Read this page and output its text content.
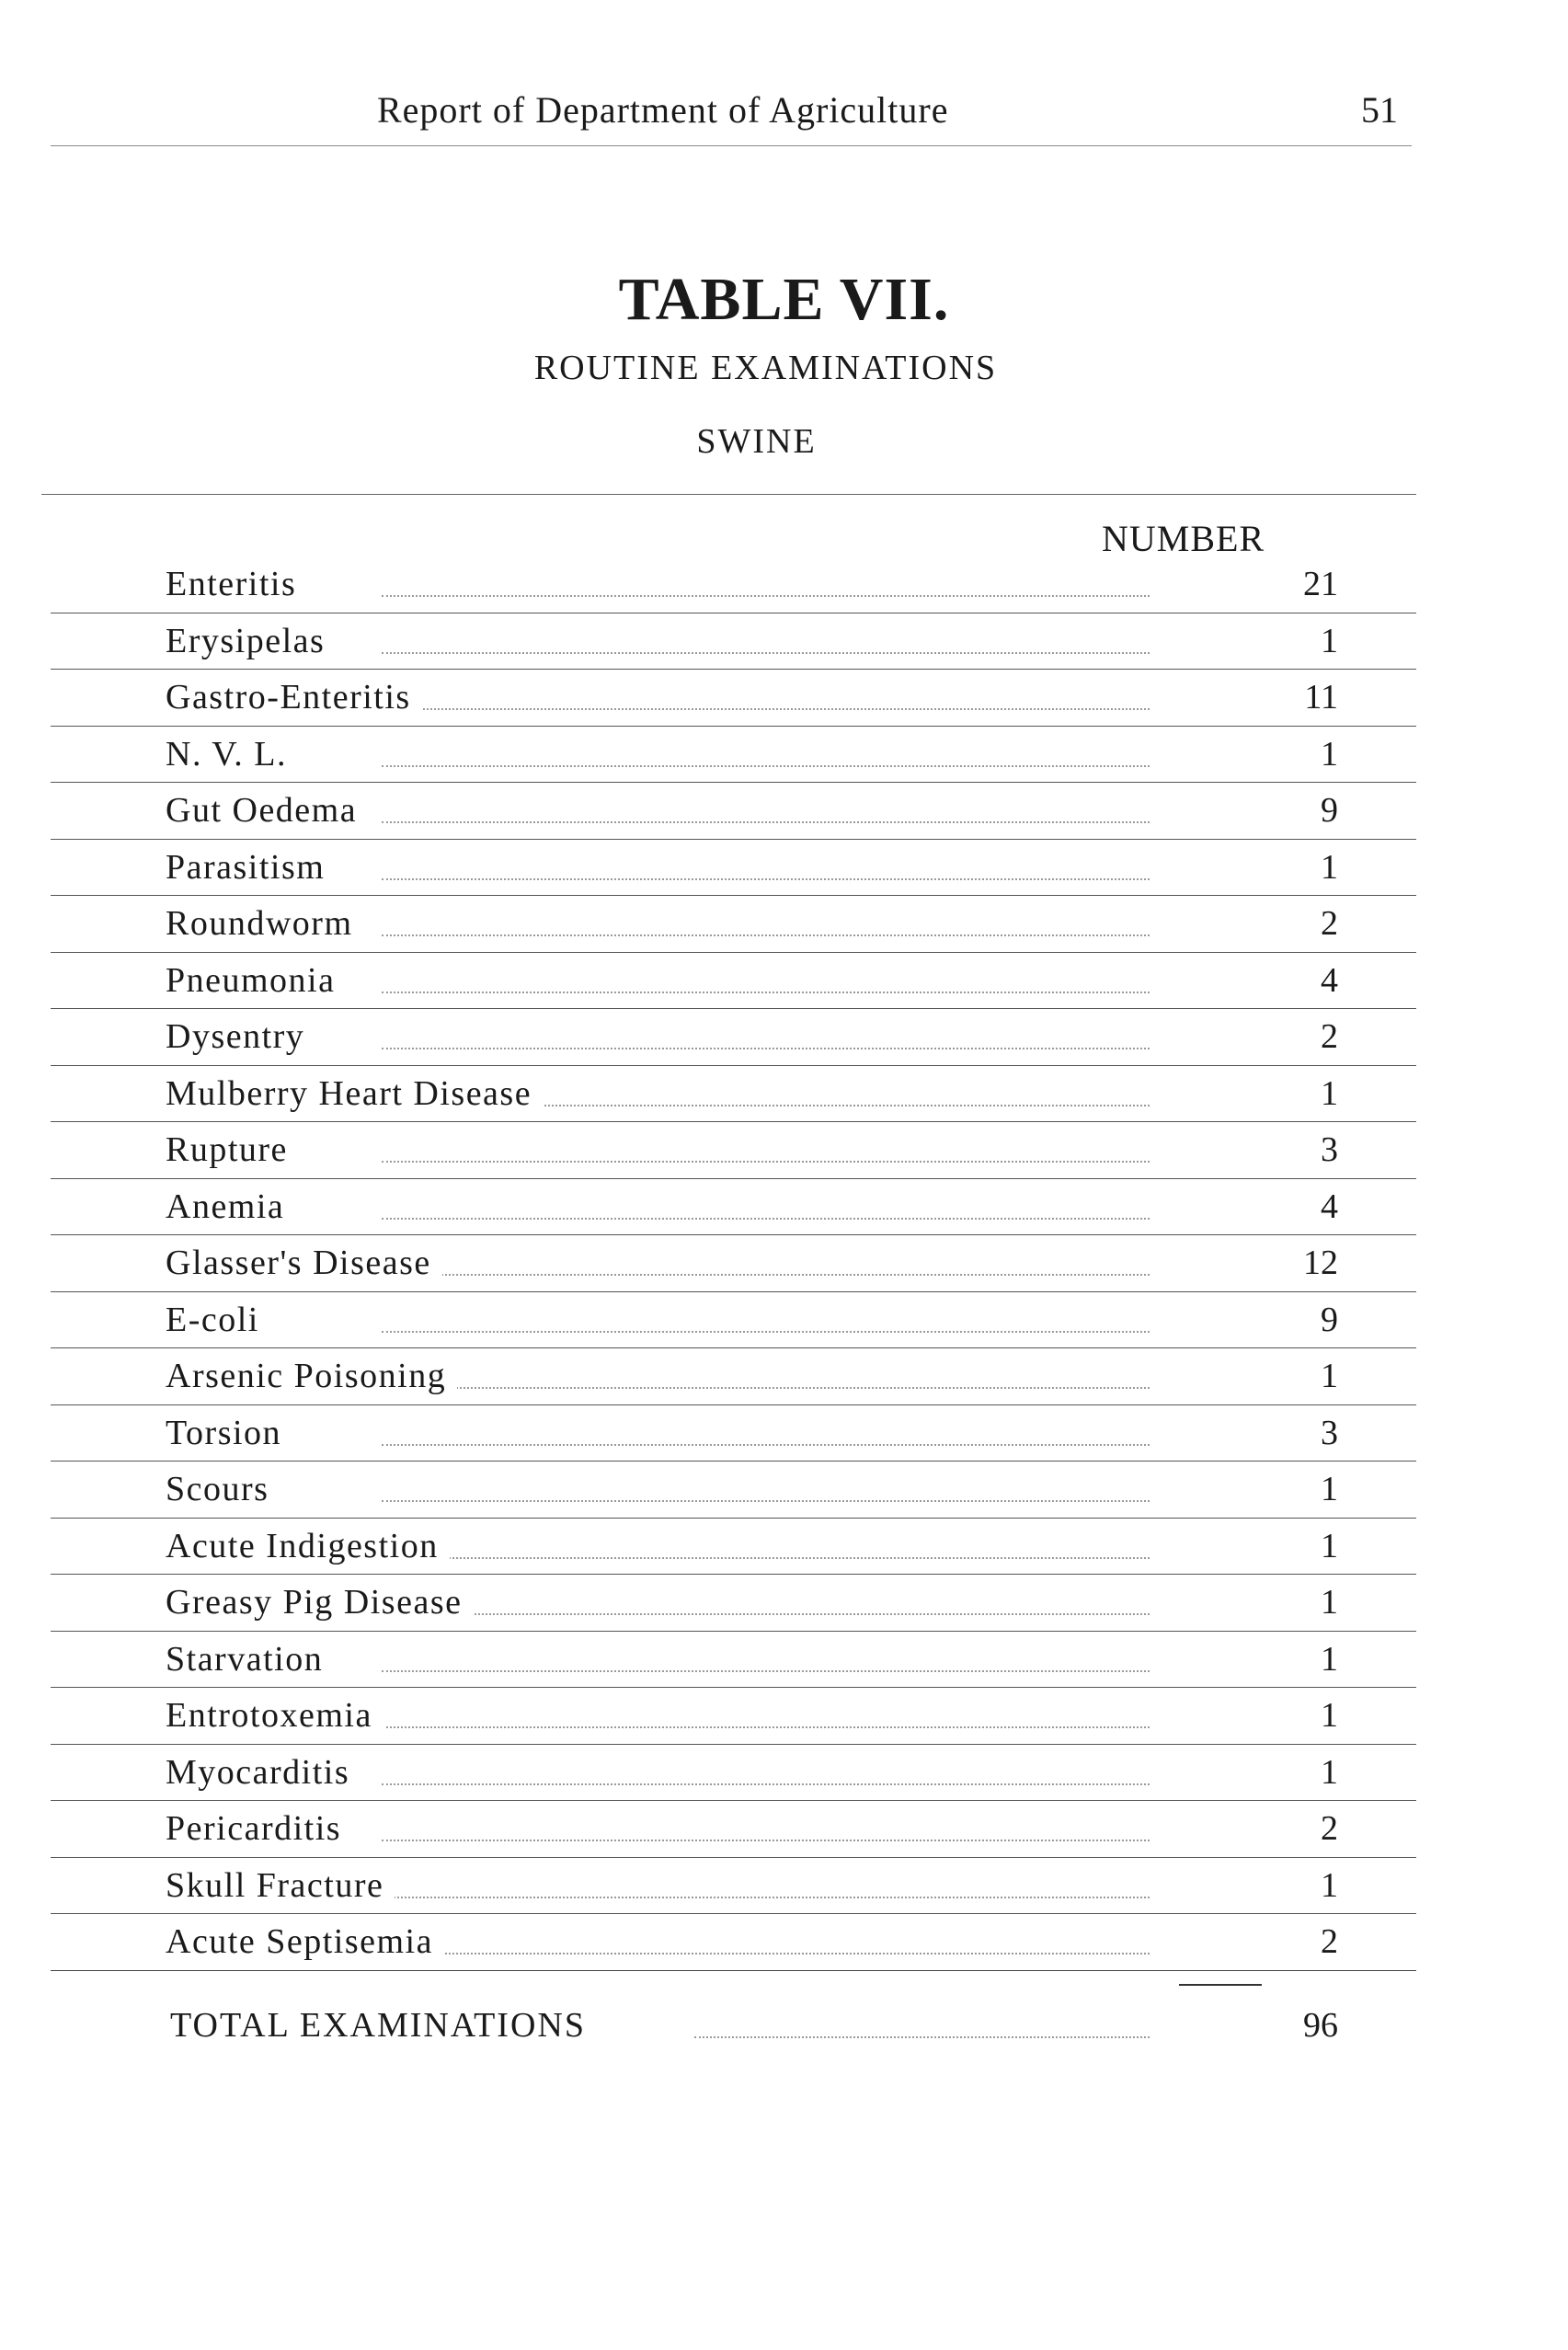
Report of Department of Agriculture	51
TABLE VII.
ROUTINE EXAMINATIONS
SWINE
NUMBER
Enteritis	21
Erysipelas	1
Gastro-Enteritis	11
N. V. L.	1
Gut Oedema	9
Parasitism	1
Roundworm	2
Pneumonia	4
Dysentry	2
Mulberry Heart Disease	1
Rupture	3
Anemia	4
Glasser's Disease	12
E-coli	9
Arsenic Poisoning	1
Torsion	3
Scours	1
Acute Indigestion	1
Greasy Pig Disease	1
Starvation	1
Entrotoxemia	1
Myocarditis	1
Pericarditis	2
Skull Fracture	1
Acute Septisemia	2
TOTAL EXAMINATIONS	96
